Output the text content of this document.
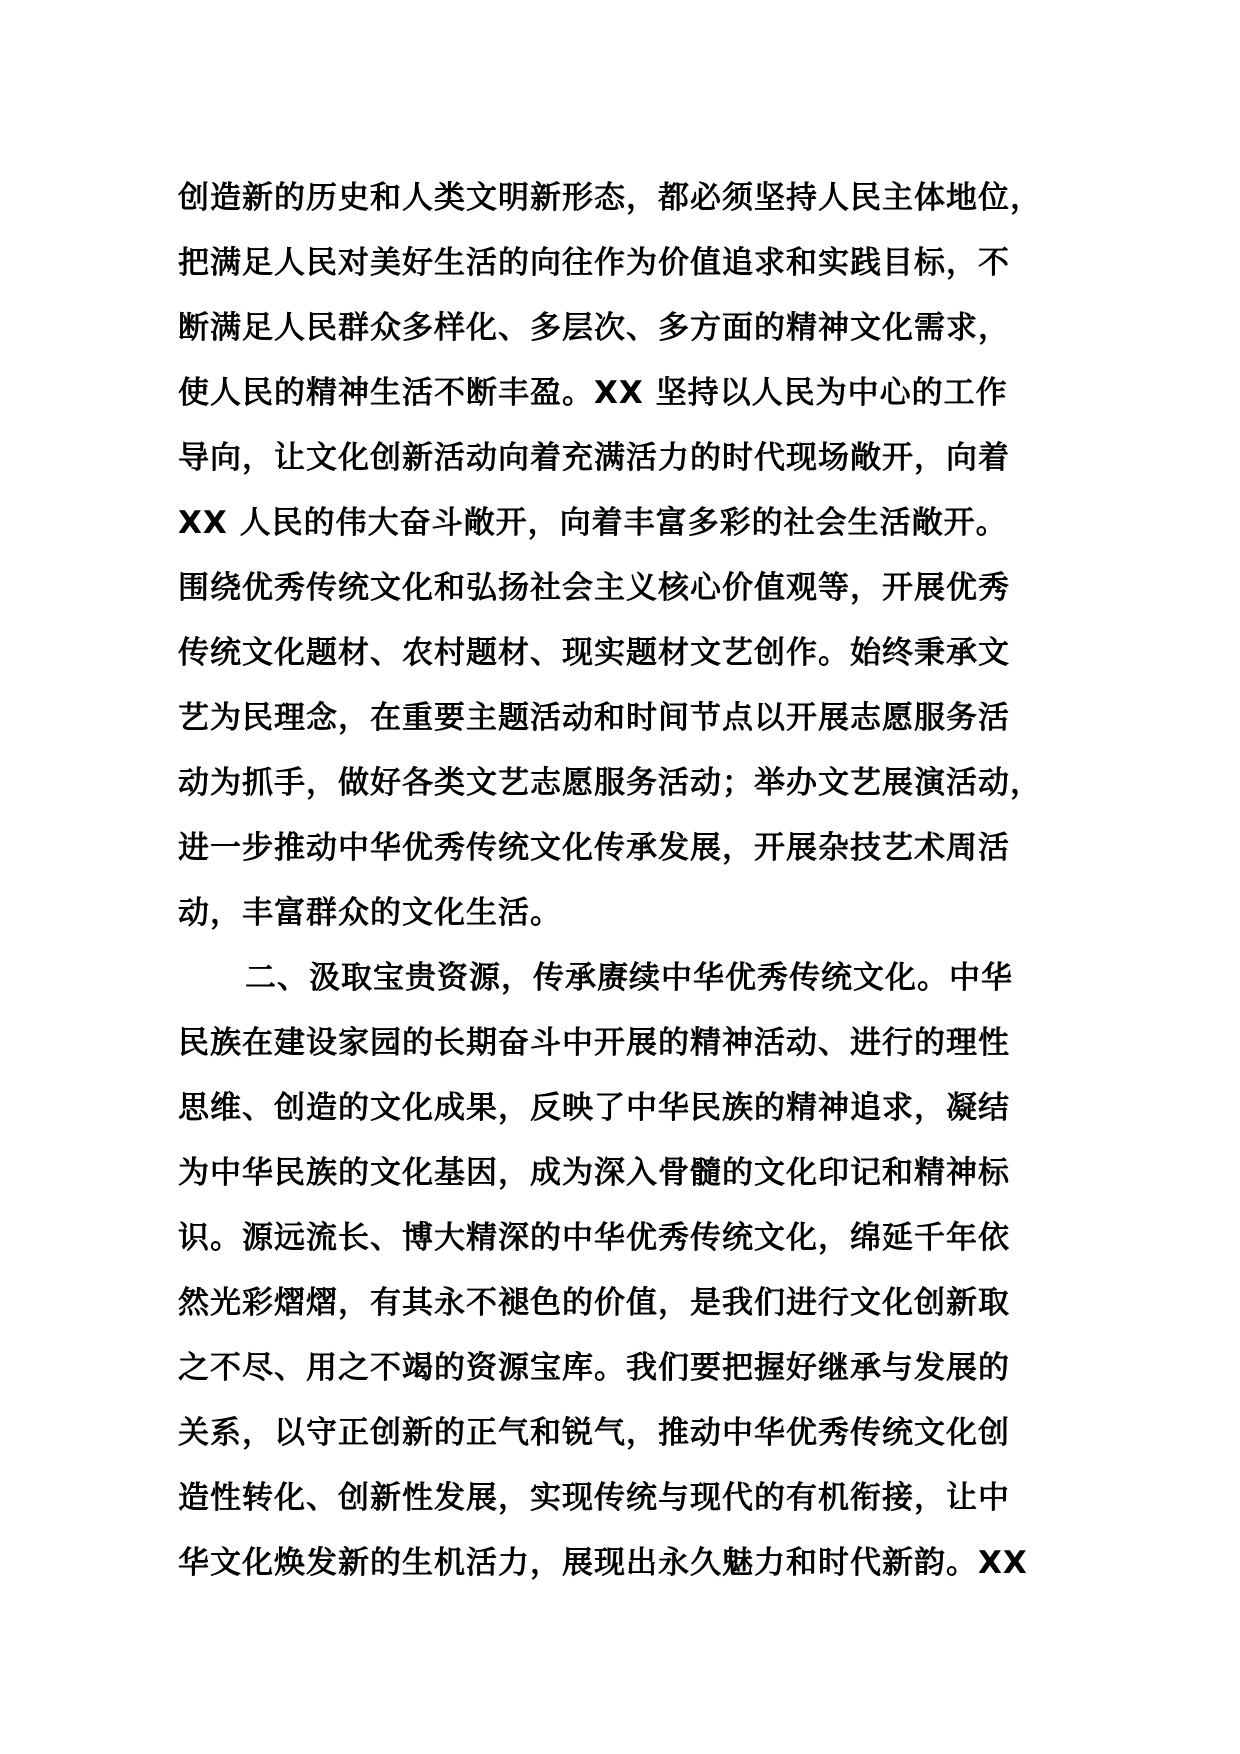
创造新的历史和人类文明新形态，都必须坚持人民主体地位，
把满足人民对美好生活的向往作为价值追求和实践目标，不
断满足人民群众多样化、多层次、多方面的精神文化需求，
使人民的精神生活不断丰盈。XX 坚持以人民为中心的工作
导向，让文化创新活动向着充满活力的时代现场敞开，向着
XX 人民的伟大奋斗敞开，向着丰富多彩的社会生活敞开。
围绕优秀传统文化和弘扬社会主义核心价值观等，开展优秀
传统文化题材、农村题材、现实题材文艺创作。始终秉承文
艺为民理念，在重要主题活动和时间节点以开展志愿服务活
动为抓手，做好各类文艺志愿服务活动；举办文艺展演活动，
进一步推动中华优秀传统文化传承发展，开展杂技艺术周活
动，丰富群众的文化生活。
二、汲取宝贵资源，传承赓续中华优秀传统文化。中华
民族在建设家园的长期奋斗中开展的精神活动、进行的理性
思维、创造的文化成果，反映了中华民族的精神追求，凝结
为中华民族的文化基因，成为深入骨髓的文化印记和精神标
识。源远流长、博大精深的中华优秀传统文化，绵延千年依
然光彩熠熠，有其永不褪色的价值，是我们进行文化创新取
之不尽、用之不竭的资源宝库。我们要把握好继承与发展的
关系，以守正创新的正气和锐气，推动中华优秀传统文化创
造性转化、创新性发展，实现传统与现代的有机衔接，让中
华文化焕发新的生机活力，展现出永久魅力和时代新韵。XX
